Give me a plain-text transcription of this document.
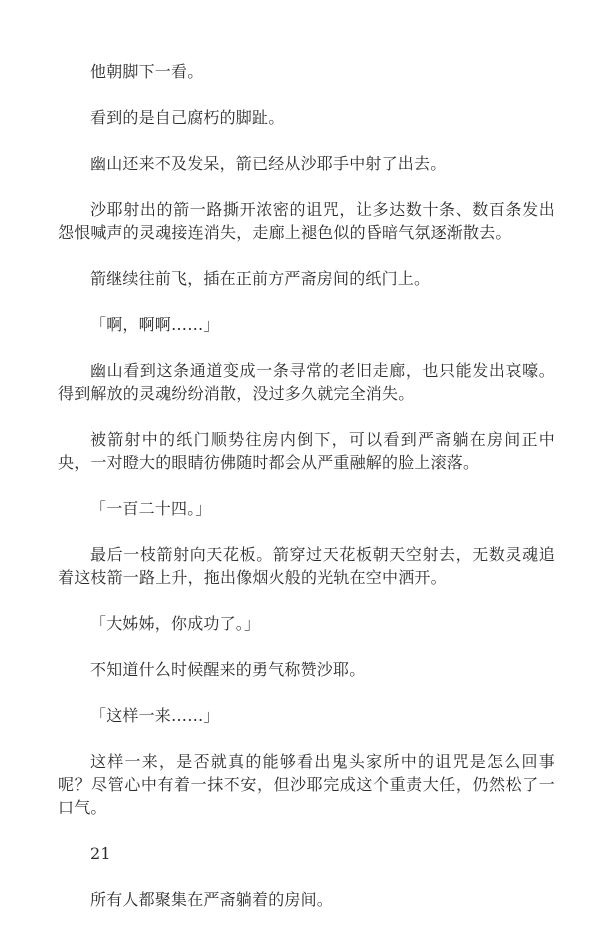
他朝脚下一看。

看到的是自己腐朽的脚趾。

幽山还来不及发呆，箭已经从沙耶手中射了出去。

沙耶射出的箭一路撕开浓密的诅咒，让多达数十条、数百条发出怨恨喊声的灵魂接连消失，走廊上褪色似的昏暗气氛逐渐散去。

箭继续往前飞，插在正前方严斋房间的纸门上。

「啊，啊啊……」

幽山看到这条通道变成一条寻常的老旧走廊，也只能发出哀嚎。得到解放的灵魂纷纷消散，没过多久就完全消失。

被箭射中的纸门顺势往房内倒下，可以看到严斋躺在房间正中央，一对瞪大的眼睛彷佛随时都会从严重融解的脸上滚落。

「一百二十四。」

最后一枝箭射向天花板。箭穿过天花板朝天空射去，无数灵魂追着这枝箭一路上升，拖出像烟火般的光轨在空中洒开。

「大姊姊，你成功了。」

不知道什么时候醒来的勇气称赞沙耶。

「这样一来……」

这样一来，是否就真的能够看出鬼头家所中的诅咒是怎么回事呢？尽管心中有着一抹不安，但沙耶完成这个重责大任，仍然松了一口气。

21

所有人都聚集在严斋躺着的房间。
